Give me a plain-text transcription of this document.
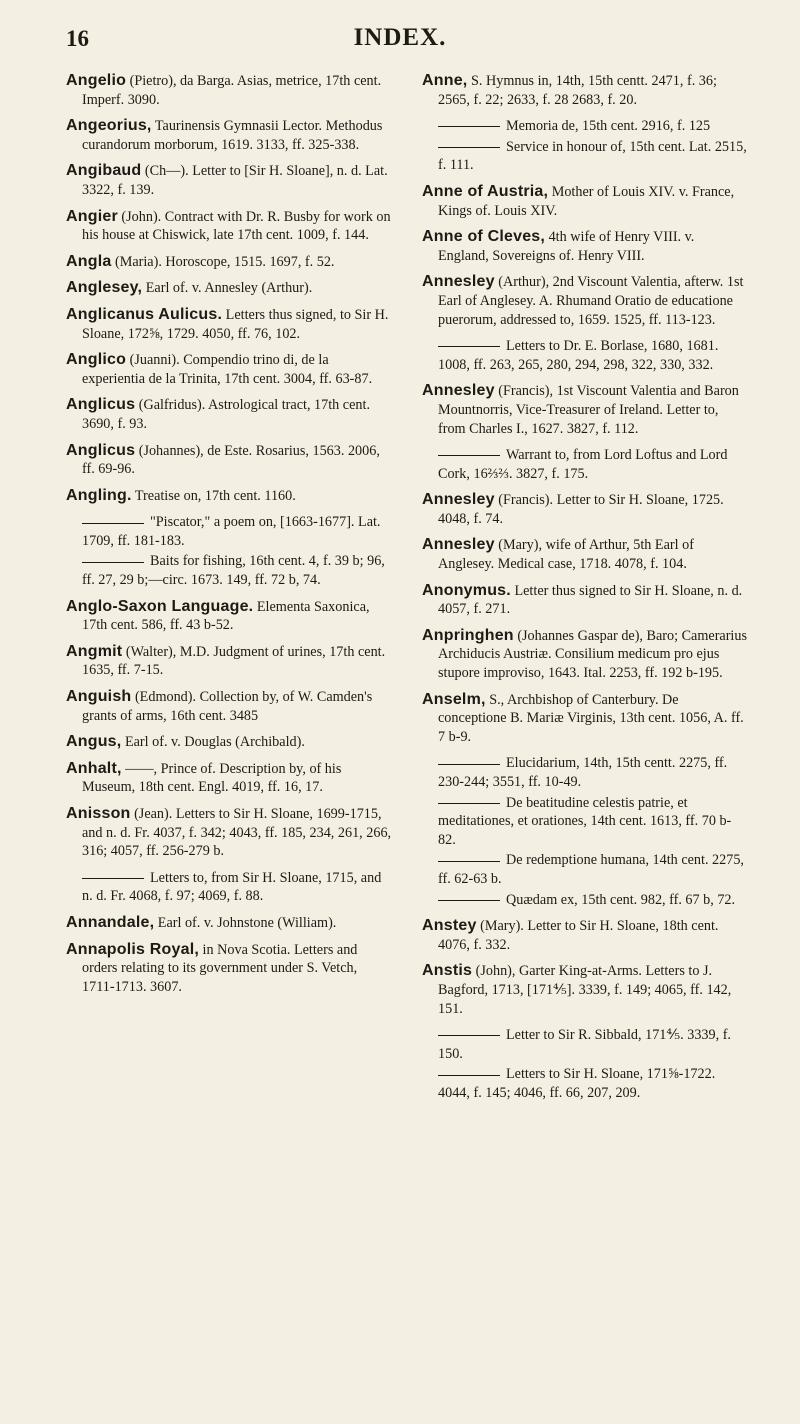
16	INDEX.

Angelio (Pietro), da Barga. Asias, metrice, 17th cent. Imperf. 3090.

Angeorius, Taurinensis Gymnasii Lector. Methodus curandorum morborum, 1619. 3133, ff. 325-338.

Angibaud (Ch—). Letter to [Sir H. Sloane], n. d. Lat. 3322, f. 139.

Angier (John). Contract with Dr. R. Busby for work on his house at Chiswick, late 17th cent. 1009, f. 144.

Angla (Maria). Horoscope, 1515. 1697, f. 52.

Anglesey, Earl of. v. Annesley (Arthur).

Anglicanus Aulicus. Letters thus signed, to Sir H. Sloane, 172⅝, 1729. 4050, ff. 76, 102.

Anglico (Juanni). Compendio trino di, de la experientia de la Trinita, 17th cent. 3004, ff. 63-87.

Anglicus (Galfridus). Astrological tract, 17th cent. 3690, f. 93.

Anglicus (Johannes), de Este. Rosarius, 1563. 2006, ff. 69-96.

Angling. Treatise on, 17th cent. 1160.

"Piscator," a poem on, [1663-1677]. Lat. 1709, ff. 181-183.

Baits for fishing, 16th cent. 4, f. 39 b; 96, ff. 27, 29 b;—circ. 1673. 149, ff. 72 b, 74.

Anglo-Saxon Language. Elementa Saxonica, 17th cent. 586, ff. 43 b-52.

Angmit (Walter), M.D. Judgment of urines, 17th cent. 1635, ff. 7-15.

Anguish (Edmond). Collection by, of W. Camden's grants of arms, 16th cent. 3485

Angus, Earl of. v. Douglas (Archibald).

Anhalt, ——, Prince of. Description by, of his Museum, 18th cent. Engl. 4019, ff. 16, 17.

Anisson (Jean). Letters to Sir H. Sloane, 1699-1715, and n. d. Fr. 4037, f. 342; 4043, ff. 185, 234, 261, 266, 316; 4057, ff. 256-279 b.

Letters to, from Sir H. Sloane, 1715, and n. d. Fr. 4068, f. 97; 4069, f. 88.

Annandale, Earl of. v. Johnstone (William).

Annapolis Royal, in Nova Scotia. Letters and orders relating to its government under S. Vetch, 1711-1713. 3607.

Anne, S. Hymnus in, 14th, 15th centt. 2471, f. 36; 2565, f. 22; 2633, f. 28 2683, f. 20.

Memoria de, 15th cent. 2916, f. 125

Service in honour of, 15th cent. Lat. 2515, f. 111.

Anne of Austria, Mother of Louis XIV. v. France, Kings of. Louis XIV.

Anne of Cleves, 4th wife of Henry VIII. v. England, Sovereigns of. Henry VIII.

Annesley (Arthur), 2nd Viscount Valentia, afterw. 1st Earl of Anglesey. A. Rhumand Oratio de educatione puerorum, addressed to, 1659. 1525, ff. 113-123.

Letters to Dr. E. Borlase, 1680, 1681. 1008, ff. 263, 265, 280, 294, 298, 322, 330, 332.

Annesley (Francis), 1st Viscount Valentia and Baron Mountnorris, Vice-Treasurer of Ireland. Letter to, from Charles I., 1627. 3827, f. 112.

Warrant to, from Lord Loftus and Lord Cork, 16⅔⅔. 3827, f. 175.

Annesley (Francis). Letter to Sir H. Sloane, 1725. 4048, f. 74.

Annesley (Mary), wife of Arthur, 5th Earl of Anglesey. Medical case, 1718. 4078, f. 104.

Anonymus. Letter thus signed to Sir H. Sloane, n. d. 4057, f. 271.

Anpringhen (Johannes Gaspar de), Baro; Camerarius Archiducis Austriæ. Consilium medicum pro ejus stupore improviso, 1643. Ital. 2253, ff. 192 b-195.

Anselm, S., Archbishop of Canterbury. De conceptione B. Mariæ Virginis, 13th cent. 1056, A. ff. 7 b-9.

Elucidarium, 14th, 15th centt. 2275, ff. 230-244; 3551, ff. 10-49.

De beatitudine celestis patrie, et meditationes, et orationes, 14th cent. 1613, ff. 70 b-82.

De redemptione humana, 14th cent. 2275, ff. 62-63 b.

Quædam ex, 15th cent. 982, ff. 67 b, 72.

Anstey (Mary). Letter to Sir H. Sloane, 18th cent. 4076, f. 332.

Anstis (John), Garter King-at-Arms. Letters to J. Bagford, 1713, [171⅘]. 3339, f. 149; 4065, ff. 142, 151.

Letter to Sir R. Sibbald, 171⅘. 3339, f. 150.

Letters to Sir H. Sloane, 171⅝-1722. 4044, f. 145; 4046, ff. 66, 207, 209.
